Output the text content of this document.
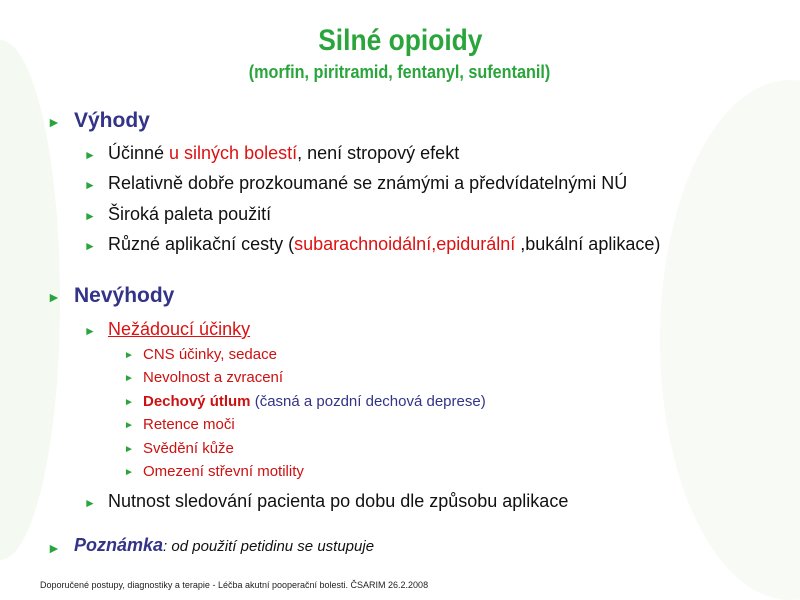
Silné opioidy
(morfin, piritramid, fentanyl, sufentanil)
► Výhody
► Účinné u silných bolestí, není stropový efekt
► Relativně dobře prozkoumané se známými a předvídatelnými NÚ
► Široká paleta použití
► Různé aplikační cesty (subarachnoidální,epidurální ,bukální aplikace)
► Nevýhody
► Nežádoucí účinky
► CNS účinky, sedace
► Nevolnost a zvracení
► Dechový útlum (časná a pozdní dechová deprese)
► Retence moči
► Svědění kůže
► Omezení střevní motility
► Nutnost sledování pacienta po dobu dle způsobu aplikace
► Poznámka: od použití petidinu se ustupuje
Doporučené postupy, diagnostiky a terapie - Léčba akutní pooperační bolesti. ČSARIM 26.2.2008
